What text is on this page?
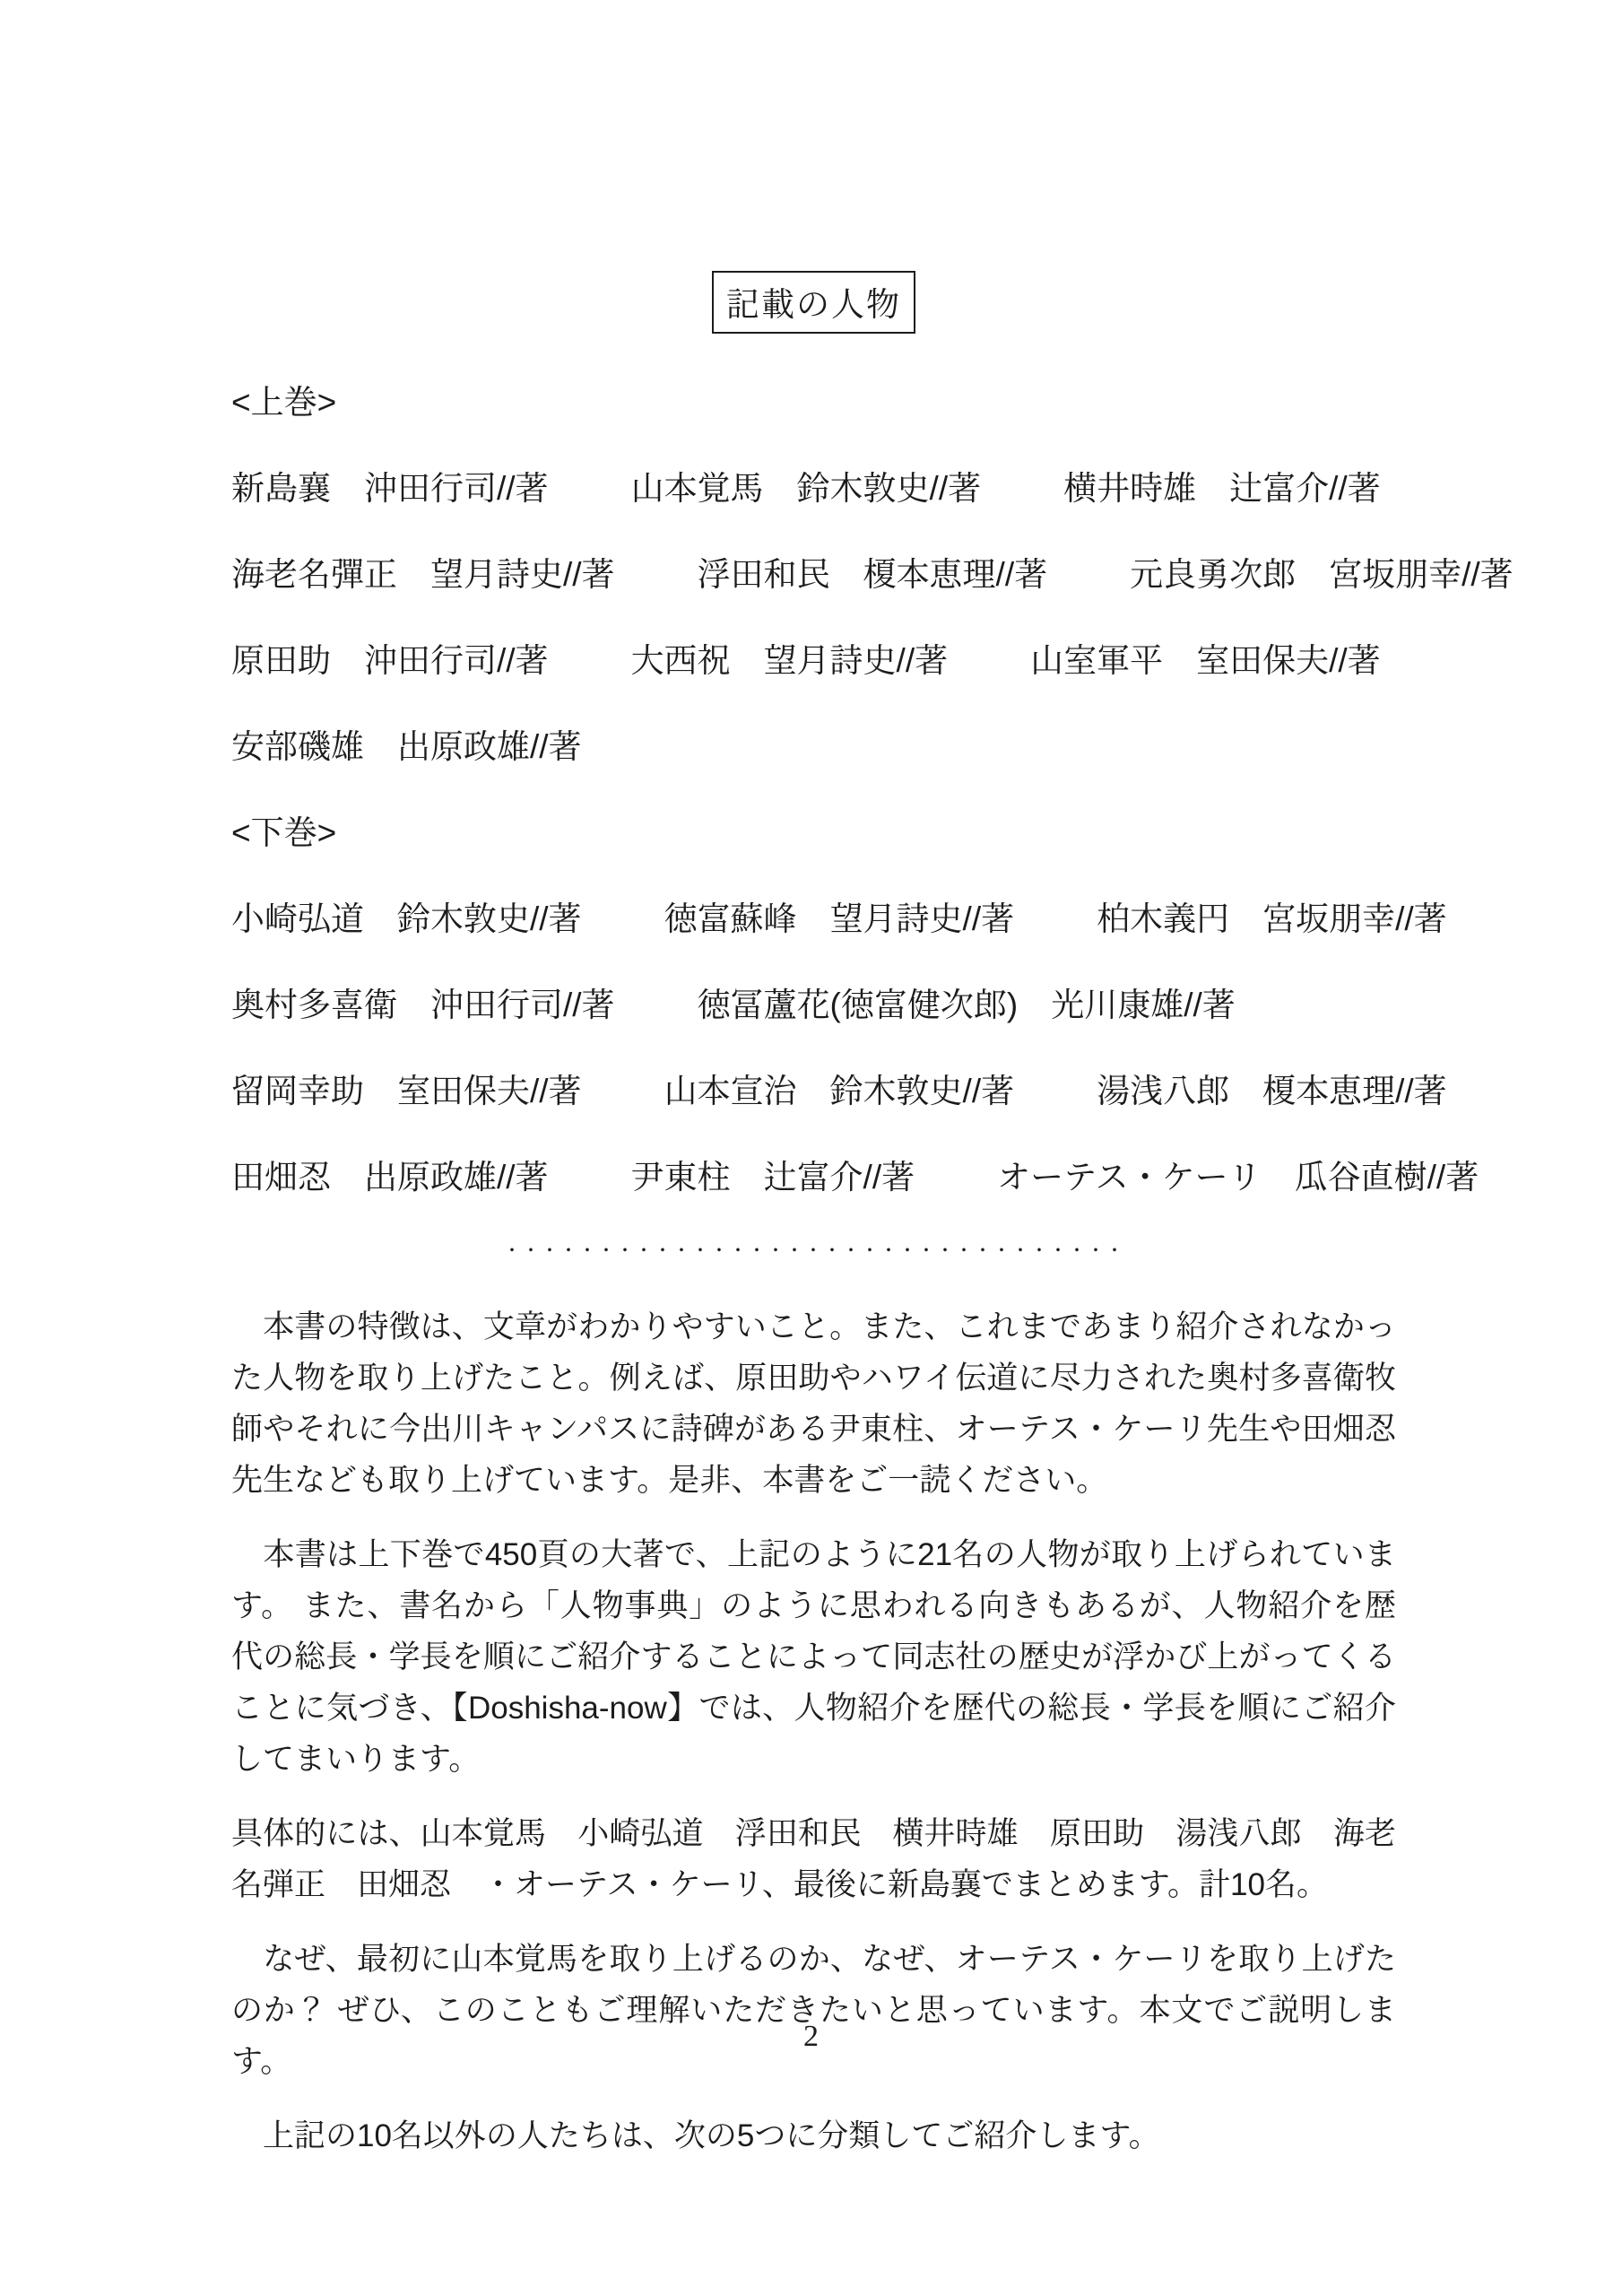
記載の人物
<上巻>
新島襄 沖田行司//著 山本覚馬 鈴木敦史//著 横井時雄 辻富介//著
海老名彈正 望月詩史//著 浮田和民 榎本恵理//著 元良勇次郎 宮坂朋幸//著
原田助 沖田行司//著 大西祝 望月詩史//著 山室軍平 室田保夫//著
安部磯雄 出原政雄//著
<下巻>
小崎弘道 鈴木敦史//著 徳富蘇峰 望月詩史//著 柏木義円 宮坂朋幸//著
奥村多喜衛 沖田行司//著 徳冨蘆花(徳富健次郎) 光川康雄//著
留岡幸助 室田保夫//著 山本宣治 鈴木敦史//著 湯浅八郎 榎本恵理//著
田畑忍 出原政雄//著 尹東柱 辻富介//著 オーテス・ケーリ 瓜谷直樹//著
・・・・・・・・・・・・・・・・・・・・・・・・・・・・・・・・・

　本書の特徴は、文章がわかりやすいこと。また、これまであまり紹介されなかった人物を取り上げたこと。例えば、原田助やハワイ伝道に尽力された奥村多喜衛牧師やそれに今出川キャンパスに詩碑がある尹東柱、オーテス・ケーリ先生や田畑忍先生なども取り上げています。是非、本書をご一読ください。

　本書は上下巻で450頁の大著で、上記のように21名の人物が取り上げられています。 また、書名から「人物事典」のように思われる向きもあるが、人物紹介を歴代の総長・学長を順にご紹介することによって同志社の歴史が浮かび上がってくることに気づき、【Doshisha-now】では、人物紹介を歴代の総長・学長を順にご紹介してまいります。

具体的には、山本覚馬　小崎弘道　浮田和民　横井時雄　原田助　湯浅八郎　海老名弾正　田畑忍　・オーテス・ケーリ、最後に新島襄でまとめます。計10名。

　なぜ、最初に山本覚馬を取り上げるのか、なぜ、オーテス・ケーリを取り上げたのか？ ぜひ、このこともご理解いただきたいと思っています。本文でご説明します。

　上記の10名以外の人たちは、次の5つに分類してご紹介します。

2
